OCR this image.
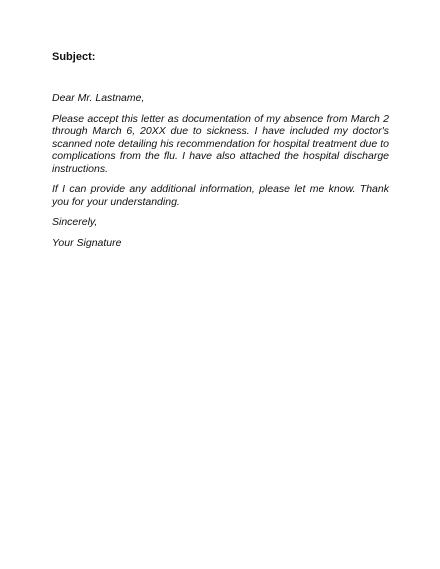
Subject:

Dear Mr. Lastname,

Please accept this letter as documentation of my absence from March 2 through March 6, 20XX due to sickness. I have included my doctor's scanned note detailing his recommendation for hospital treatment due to complications from the flu. I have also attached the hospital discharge instructions.

If I can provide any additional information, please let me know. Thank you for your understanding.

Sincerely,

Your Signature
